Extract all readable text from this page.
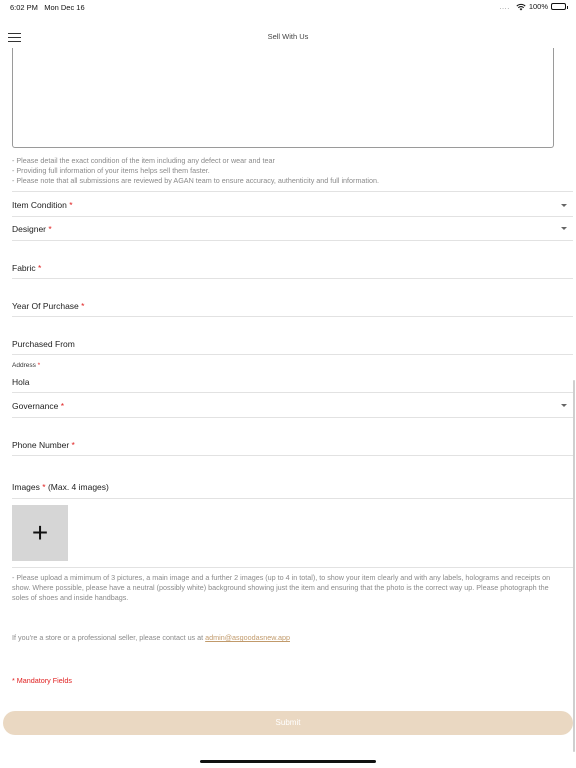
6:02 PM Mon Dec 16	....	100%
Sell With Us
- Please detail the exact condition of the item including any defect or wear and tear
- Providing full information of your items helps sell them faster.
- Please note that all submissions are reviewed by AGAN team to ensure accuracy, authenticity and full information.
Item Condition *
Designer *
Fabric *
Year Of Purchase *
Purchased From
Address *
Hola
Governance *
Phone Number *
Images * (Max. 4 images)
+
- Please upload a mimimum of 3 pictures, a main image and a further 2 images (up to 4 in total), to show your item clearly and with any labels, holograms and receipts on show. Where possible, please have a neutral (possibly white) background showing just the item and ensuring that the photo is the correct way up. Please photograph the soles of shoes and inside handbags.
If you're a store or a professional seller, please contact us at admin@asgoodasnew.app
* Mandatory Fields
Submit
